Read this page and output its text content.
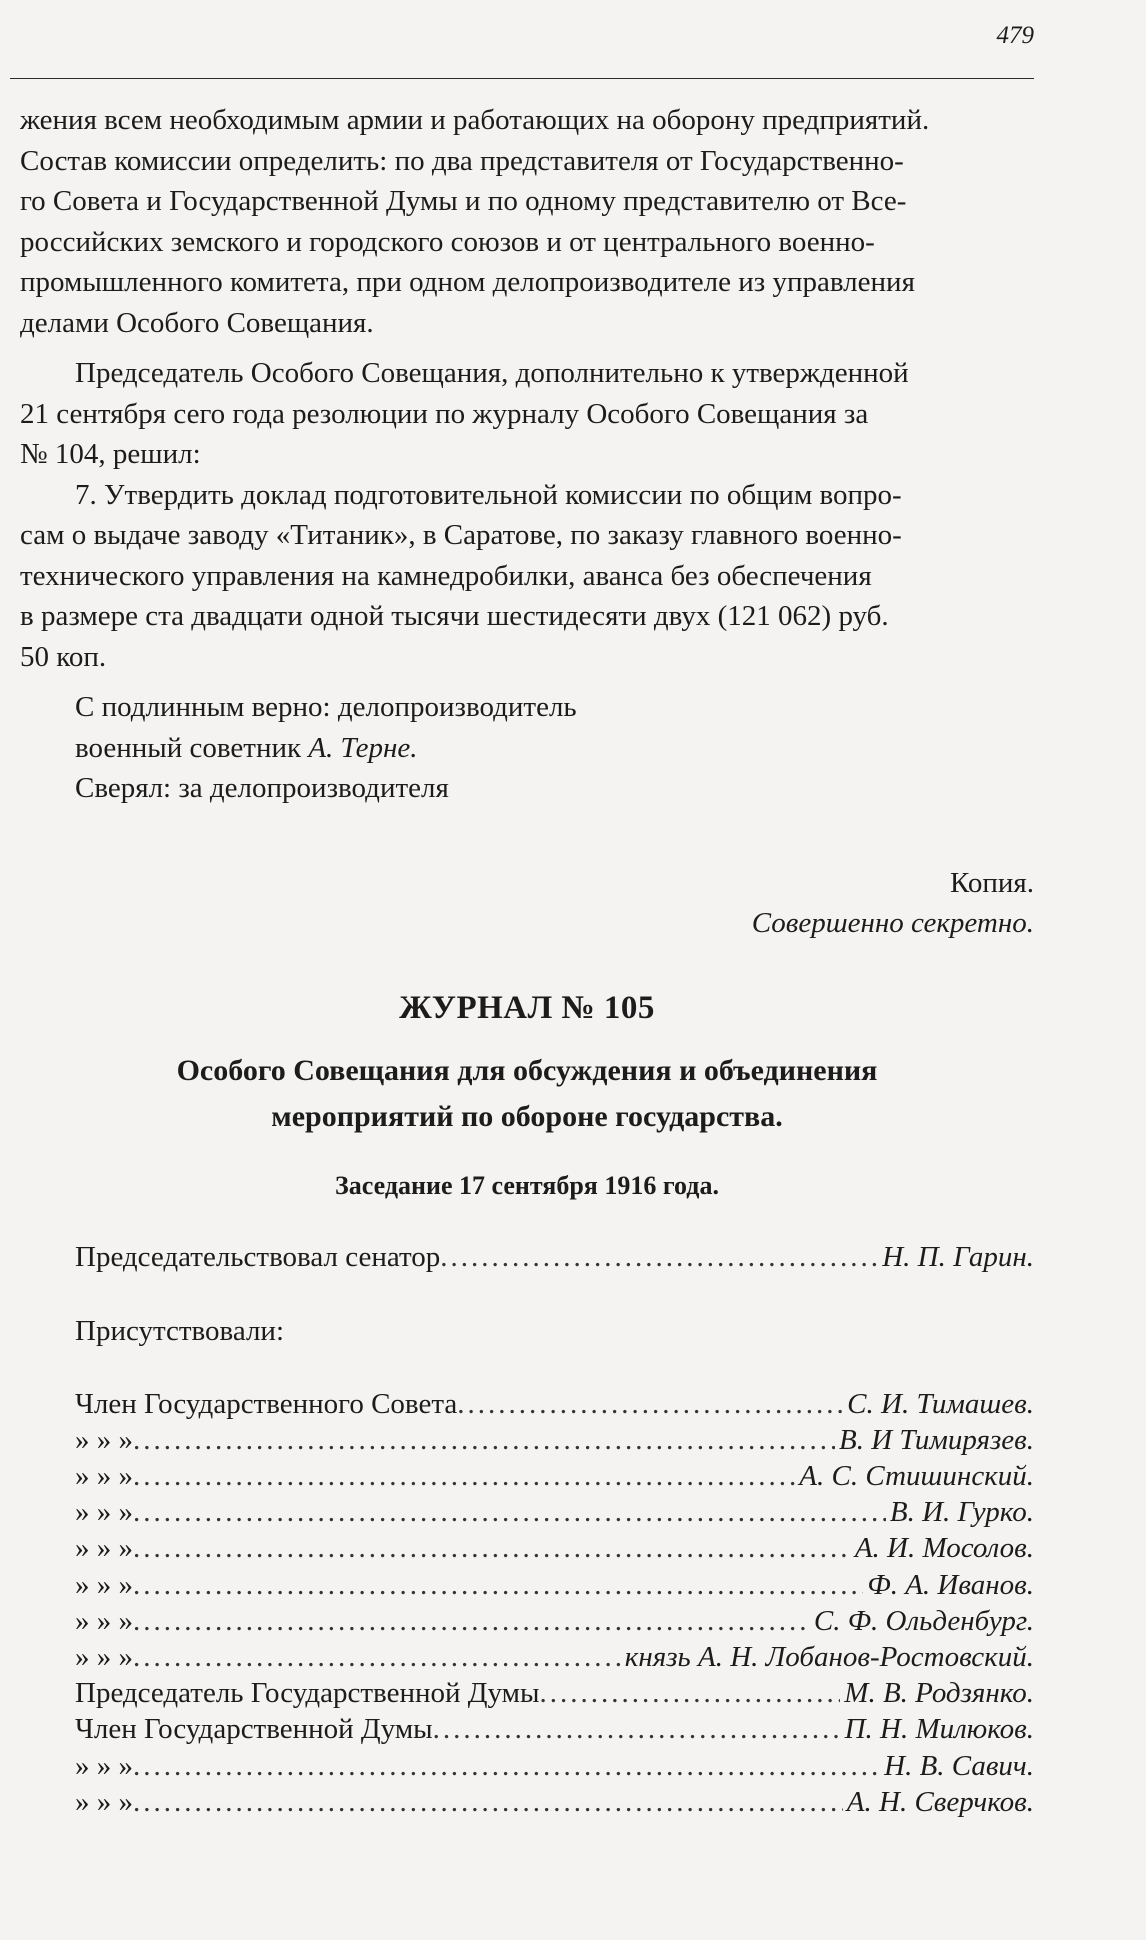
479
жения всем необходимым армии и работающих на оборону предприятий.
Состав комиссии определить: по два представителя от Государственно-
го Совета и Государственной Думы и по одному представителю от Все-
российских земского и городского союзов и от центрального военно-
промышленного комитета, при одном делопроизводителе из управления
делами Особого Совещания.
Председатель Особого Совещания, дополнительно к утвержденной
21 сентября сего года резолюции по журналу Особого Совещания за
№ 104, решил:
7. Утвердить доклад подготовительной комиссии по общим вопро-
сам о выдаче заводу «Титаник», в Саратове, по заказу главного военно-
технического управления на камнедробилки, аванса без обеспечения
в размере ста двадцати одной тысячи шестидесяти двух (121 062) руб.
50 коп.

С подлинным верно: делопроизводитель

военный советник А. Терне.

Сверял: за делопроизводителя

Копия.

Совершенно секретно.

ЖУРНАЛ № 105

Особого Совещания для обсуждения и объединения
мероприятий по обороне государства.

Заседание 17 сентября 1916 года.

Председательствовал сенатор .....	Н. П. Гарин.

Присутствовали:

Член Государственного Совета .....	С. И. Тимашев.
» » » .....	В. И Тимирязев.
» » » .....	А. С. Стишинский.
» » » .....	В. И. Гурко.
» » » .....	А. И. Мосолов.
» » » .....	Ф. А. Иванов.
» » » .....	С. Ф. Ольденбург.
» » » .....	князь А. Н. Лобанов-Ростовский.
Председатель Государственной Думы .....	М. В. Родзянко.
Член Государственной Думы .....	П. Н. Милюков.
» » » .....	Н. В. Савич.
» » » .....	А. Н. Сверчков.
